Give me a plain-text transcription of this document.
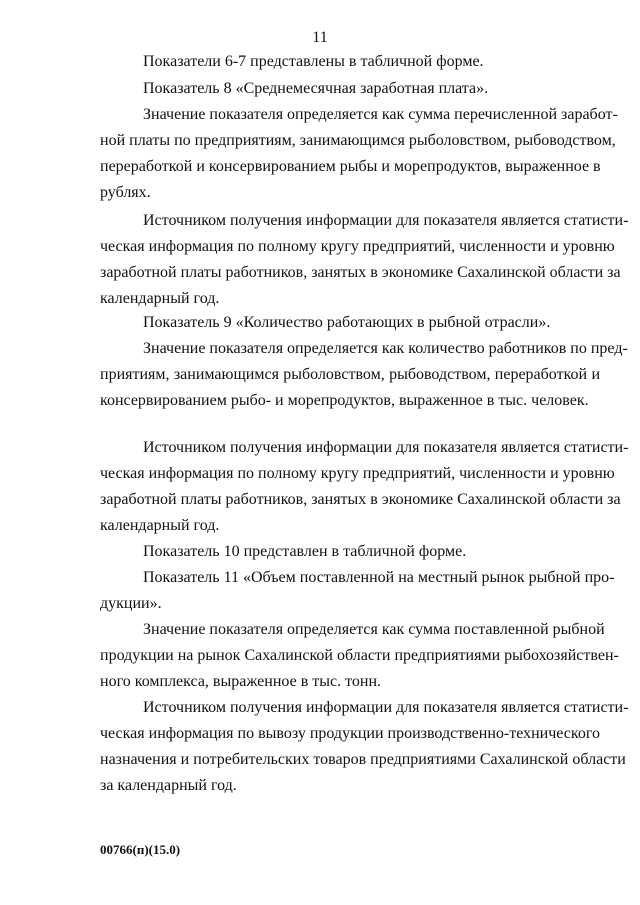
11
Показатели 6-7 представлены в табличной форме.
Показатель 8 «Среднемесячная заработная плата».
Значение показателя определяется как сумма перечисленной заработ-
ной платы по предприятиям, занимающимся рыболовством, рыбоводством,
переработкой и консервированием рыбы и морепродуктов, выраженное в
рублях.
Источником получения информации для показателя является статисти-
ческая информация по полному кругу предприятий, численности и уровню
заработной платы работников, занятых в экономике Сахалинской области за
календарный год.
Показатель 9 «Количество работающих в рыбной отрасли».
Значение показателя определяется как количество работников по пред-
приятиям, занимающимся рыболовством, рыбоводством, переработкой и
консервированием рыбо- и морепродуктов, выраженное в тыс. человек.
Источником получения информации для показателя является статисти-
ческая информация по полному кругу предприятий, численности и уровню
заработной платы работников, занятых в экономике Сахалинской области за
календарный год.
Показатель 10 представлен в табличной форме.
Показатель 11 «Объем поставленной на местный рынок рыбной про-
дукции».
Значение показателя определяется как сумма поставленной рыбной
продукции на рынок Сахалинской области предприятиями рыбохозяйствен-
ного комплекса, выраженное в тыс. тонн.
Источником получения информации для показателя является статисти-
ческая информация по вывозу продукции производственно-технического
назначения и потребительских товаров предприятиями Сахалинской области
за календарный год.
00766(п)(15.0)
